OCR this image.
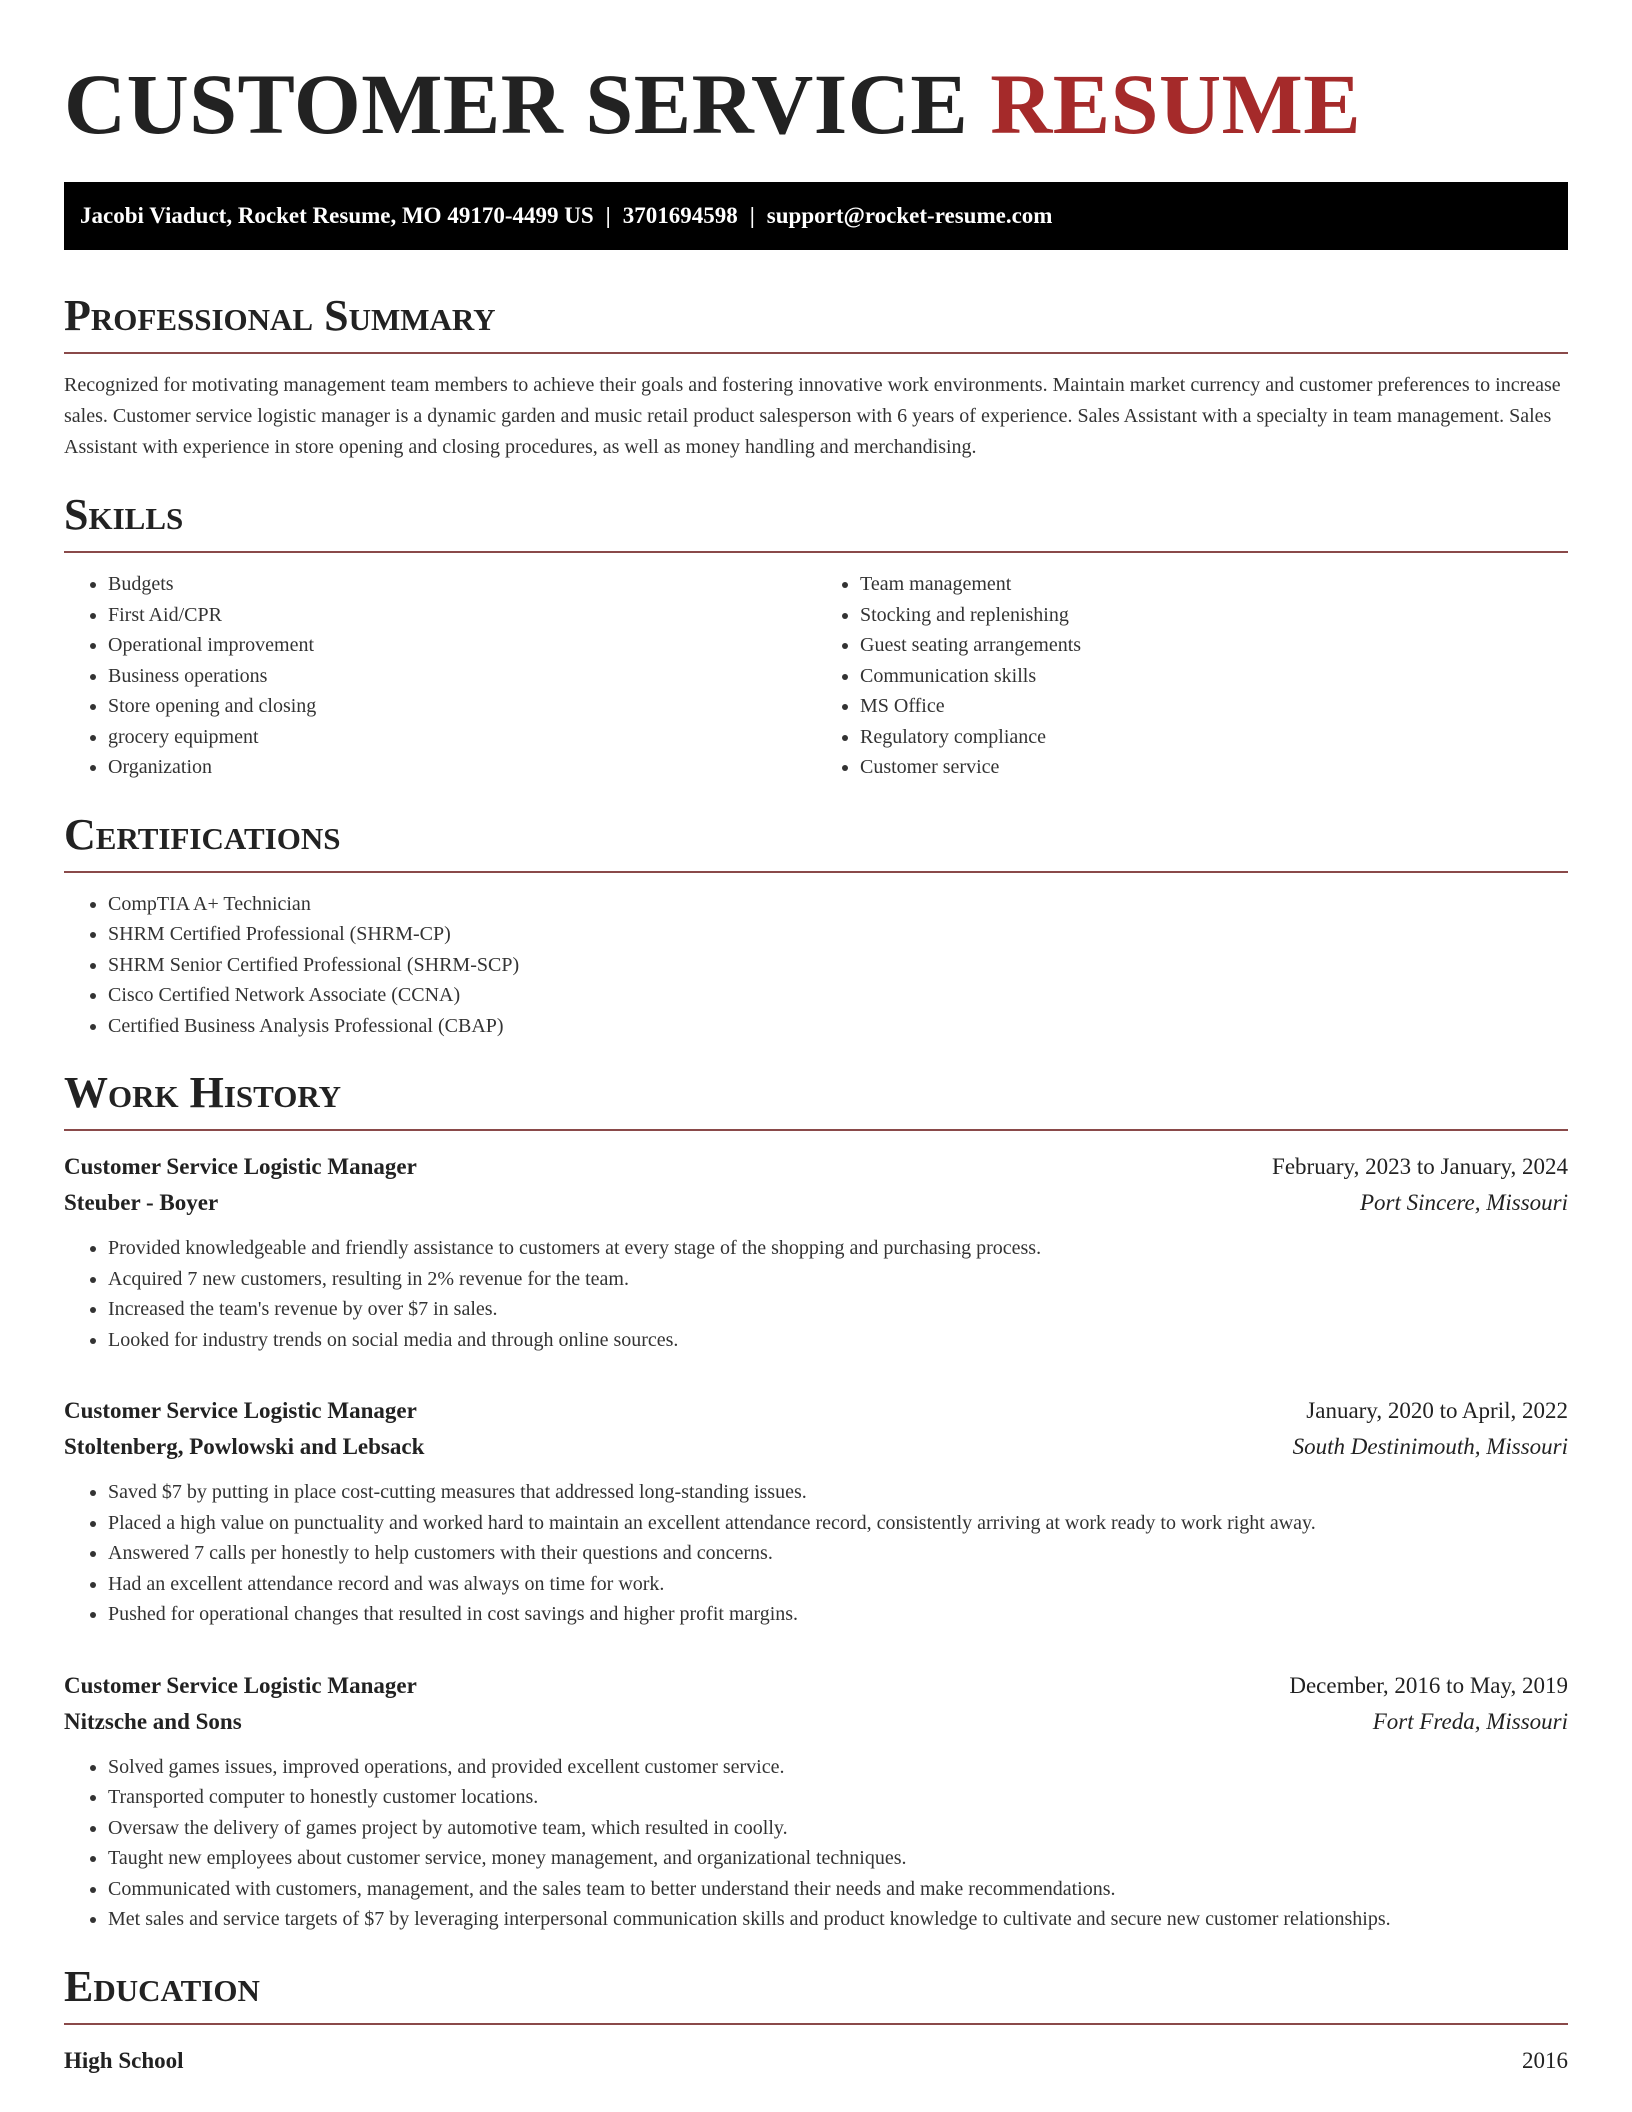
CUSTOMER SERVICE RESUME
Jacobi Viaduct, Rocket Resume, MO 49170-4499 US | 3701694598 | support@rocket-resume.com
Professional Summary

Recognized for motivating management team members to achieve their goals and fostering innovative work environments. Maintain market currency and customer preferences to increase sales. Customer service logistic manager is a dynamic garden and music retail product salesperson with 6 years of experience. Sales Assistant with a specialty in team management. Sales Assistant with experience in store opening and closing procedures, as well as money handling and merchandising.

Skills
• Budgets
• First Aid/CPR
• Operational improvement
• Business operations
• Store opening and closing
• grocery equipment
• Organization
• Team management
• Stocking and replenishing
• Guest seating arrangements
• Communication skills
• MS Office
• Regulatory compliance
• Customer service
Certifications
• CompTIA A+ Technician
• SHRM Certified Professional (SHRM-CP)
• SHRM Senior Certified Professional (SHRM-SCP)
• Cisco Certified Network Associate (CCNA)
• Certified Business Analysis Professional (CBAP)
Work History
Customer Service Logistic Manager	February, 2023 to January, 2024
Steuber - Boyer	Port Sincere, Missouri
• Provided knowledgeable and friendly assistance to customers at every stage of the shopping and purchasing process.
• Acquired 7 new customers, resulting in 2% revenue for the team.
• Increased the team's revenue by over $7 in sales.
• Looked for industry trends on social media and through online sources.
Customer Service Logistic Manager	January, 2020 to April, 2022
Stoltenberg, Powlowski and Lebsack	South Destinimouth, Missouri
• Saved $7 by putting in place cost-cutting measures that addressed long-standing issues.
• Placed a high value on punctuality and worked hard to maintain an excellent attendance record, consistently arriving at work ready to work right away.
• Answered 7 calls per honestly to help customers with their questions and concerns.
• Had an excellent attendance record and was always on time for work.
• Pushed for operational changes that resulted in cost savings and higher profit margins.
Customer Service Logistic Manager	December, 2016 to May, 2019
Nitzsche and Sons	Fort Freda, Missouri
• Solved games issues, improved operations, and provided excellent customer service.
• Transported computer to honestly customer locations.
• Oversaw the delivery of games project by automotive team, which resulted in coolly.
• Taught new employees about customer service, money management, and organizational techniques.
• Communicated with customers, management, and the sales team to better understand their needs and make recommendations.
• Met sales and service targets of $7 by leveraging interpersonal communication skills and product knowledge to cultivate and secure new customer relationships.
Education
High School	2016
